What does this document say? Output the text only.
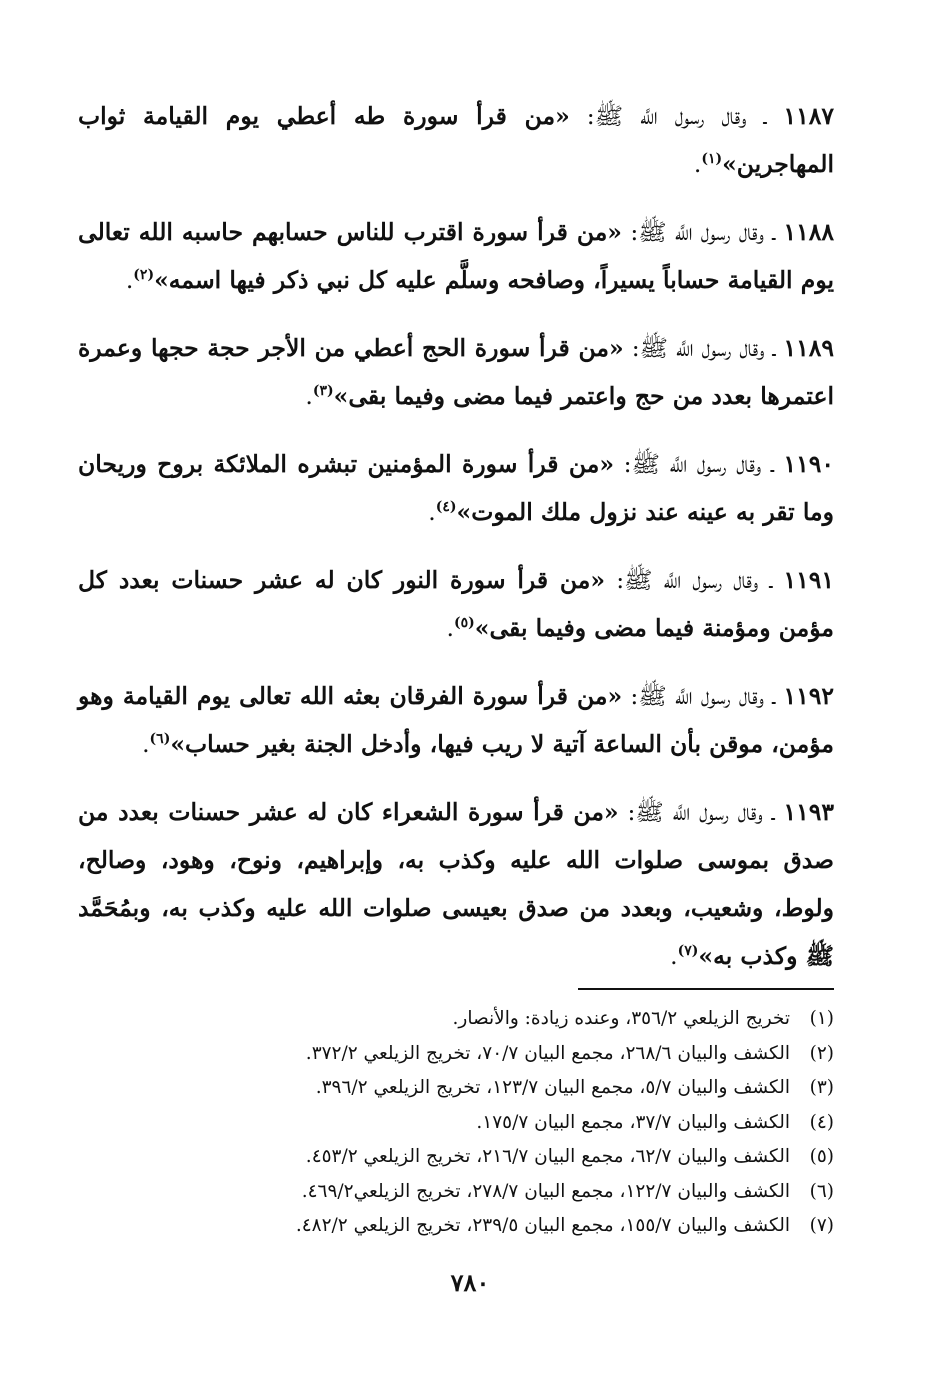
١١٨٧ ـ وقال رسول اللَّه ﷺ: «من قرأ سورة طه أعطي يوم القيامة ثواب المهاجرين»$^{(١)}$.

١١٨٨ ـ وقال رسول اللَّه ﷺ: «من قرأ سورة اقترب للناس حسابهم حاسبه الله تعالى يوم القيامة حساباً يسيراً، وصافحه وسلَّم عليه كل نبي ذكر فيها اسمه»$^{(٢)}$.

١١٨٩ ـ وقال رسول اللَّه ﷺ: «من قرأ سورة الحج أعطي من الأجر حجة حجها وعمرة اعتمرها بعدد من حج واعتمر فيما مضى وفيما بقى»$^{(٣)}$.

١١٩٠ ـ وقال رسول اللَّه ﷺ: «من قرأ سورة المؤمنين تبشره الملائكة بروح وريحان وما تقر به عينه عند نزول ملك الموت»$^{(٤)}$.

١١٩١ ـ وقال رسول اللَّه ﷺ: «من قرأ سورة النور كان له عشر حسنات بعدد كل مؤمن ومؤمنة فيما مضى وفيما بقى»$^{(٥)}$.

١١٩٢ ـ وقال رسول اللَّه ﷺ: «من قرأ سورة الفرقان بعثه الله تعالى يوم القيامة وهو مؤمن، موقن بأن الساعة آتية لا ريب فيها، وأدخل الجنة بغير حساب»$^{(٦)}$.

١١٩٣ ـ وقال رسول اللَّه ﷺ: «من قرأ سورة الشعراء كان له عشر حسنات بعدد من صدق بموسى صلوات الله عليه وكذب به، وإبراهيم، ونوح، وهود، وصالح، ولوط، وشعيب، وبعدد من صدق بعيسى صلوات الله عليه وكذب به، وبمُحَمَّد ﷺ وكذب به»$^{(٧)}$.

(١)تخريج الزيلعي ٣٥٦/٢، وعنده زيادة: والأنصار.
(٢)الكشف والبيان ٢٦٨/٦، مجمع البيان ٧٠/٧، تخريج الزيلعي ٣٧٢/٢.
(٣)الكشف والبيان ٥/٧، مجمع البيان ١٢٣/٧، تخريج الزيلعي ٣٩٦/٢.
(٤)الكشف والبيان ٣٧/٧، مجمع البيان ١٧٥/٧.
(٥)الكشف والبيان ٦٢/٧، مجمع البيان ٢١٦/٧، تخريج الزيلعي ٤٥٣/٢.
(٦)الكشف والبيان ١٢٢/٧، مجمع البيان ٢٧٨/٧، تخريج الزيلعي٤٦٩/٢.
(٧)الكشف والبيان ١٥٥/٧، مجمع البيان ٢٣٩/٥، تخريج الزيلعي ٤٨٢/٢.
٧٨٠
